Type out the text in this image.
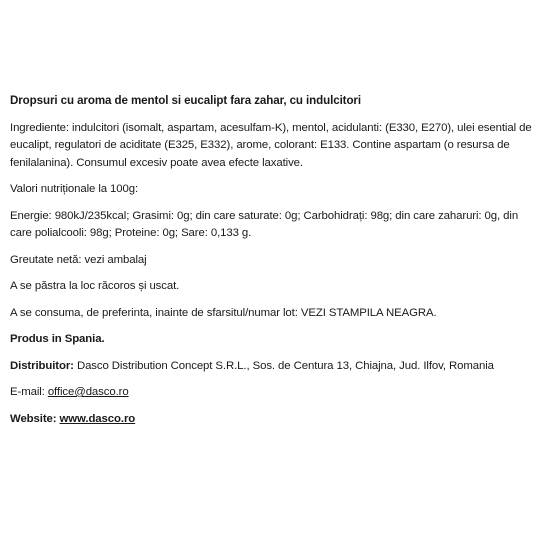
Dropsuri cu aroma de mentol si eucalipt fara zahar, cu indulcitori

Ingrediente: indulcitori (isomalt, aspartam, acesulfam-K), mentol, acidulanti: (E330, E270), ulei esential de eucalipt, regulatori de aciditate (E325, E332), arome, colorant: E133. Contine aspartam (o resursa de fenilalanina). Consumul excesiv poate avea efecte laxative.

Valori nutriționale la 100g:

Energie: 980kJ/235kcal; Grasimi: 0g; din care saturate: 0g; Carbohidrați: 98g; din care zaharuri: 0g, din care polialcooli: 98g; Proteine: 0g; Sare: 0,133 g.

Greutate netă: vezi ambalaj

A se păstra la loc răcoros și uscat.

A se consuma, de preferinta, inainte de sfarsitul/numar lot: VEZI STAMPILA NEAGRA.

Produs in Spania.

Distribuitor: Dasco Distribution Concept S.R.L., Sos. de Centura 13, Chiajna, Jud. Ilfov, Romania

E-mail: office@dasco.ro

Website: www.dasco.ro
